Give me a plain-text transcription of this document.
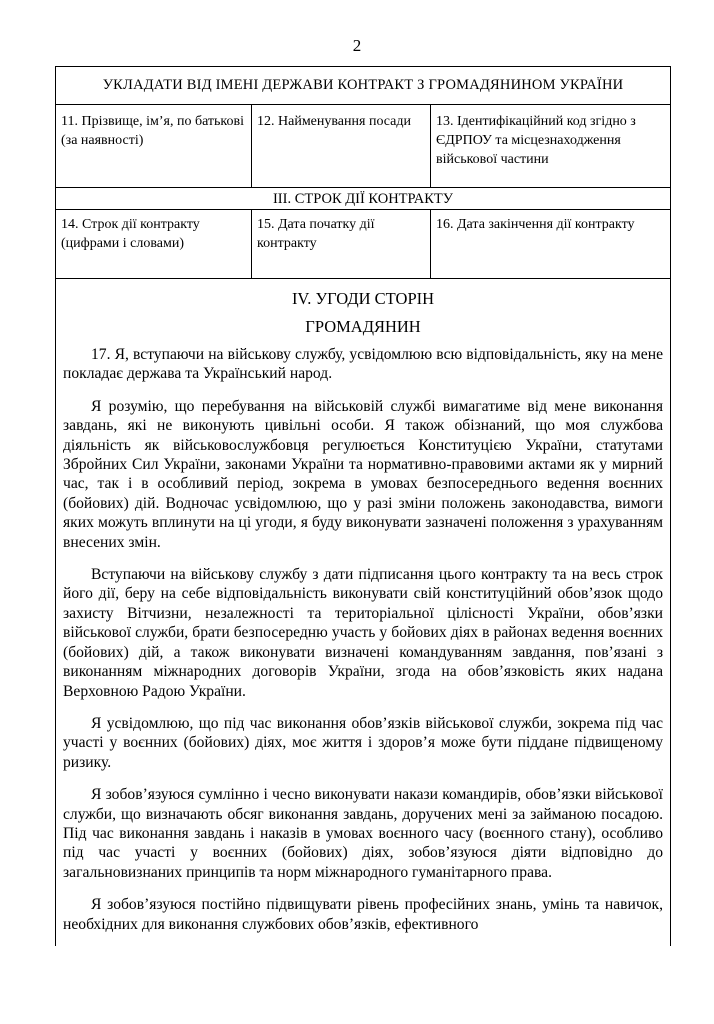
2
УКЛАДАТИ ВІД ІМЕНІ ДЕРЖАВИ КОНТРАКТ З ГРОМАДЯНИНОМ УКРАЇНИ
11. Прізвище, ім’я, по батькові (за наявності)
12. Найменування посади	13. Ідентифікаційний код згідно з ЄДРПОУ та місцезнаходження військової частини
III. СТРОК ДІЇ КОНТРАКТУ
14. Строк дії контракту (цифрами і словами)
15. Дата початку дії контракту
16. Дата закінчення дії контракту
IV. УГОДИ СТОРІН
ГРОМАДЯНИН

17. Я, вступаючи на військову службу, усвідомлюю всю відповідальність, яку на мене покладає держава та Український народ.

Я розумію, що перебування на військовій службі вимагатиме від мене виконання завдань, які не виконують цивільні особи. Я також обізнаний, що моя службова діяльність як військовослужбовця регулюється Конституцією України, статутами Збройних Сил України, законами України та нормативно-правовими актами як у мирний час, так і в особливий період, зокрема в умовах безпосереднього ведення воєнних (бойових) дій. Водночас усвідомлюю, що у разі зміни положень законодавства, вимоги яких можуть вплинути на ці угоди, я буду виконувати зазначені положення з урахуванням внесених змін.

Вступаючи на військову службу з дати підписання цього контракту та на весь строк його дії, беру на себе відповідальність виконувати свій конституційний обов’язок щодо захисту Вітчизни, незалежності та територіальної цілісності України, обов’язки військової служби, брати безпосередню участь у бойових діях в районах ведення воєнних (бойових) дій, а також виконувати визначені командуванням завдання, пов’язані з виконанням міжнародних договорів України, згода на обов’язковість яких надана Верховною Радою України.

Я усвідомлюю, що під час виконання обов’язків військової служби, зокрема під час участі у воєнних (бойових) діях, моє життя і здоров’я може бути піддане підвищеному ризику.

Я зобов’язуюся сумлінно і чесно виконувати накази командирів, обов’язки військової служби, що визначають обсяг виконання завдань, доручених мені за займаною посадою. Під час виконання завдань і наказів в умовах воєнного часу (воєнного стану), особливо під час участі у воєнних (бойових) діях, зобов’язуюся діяти відповідно до загальновизнаних принципів та норм міжнародного гуманітарного права.

Я зобов’язуюся постійно підвищувати рівень професійних знань, умінь та навичок, необхідних для виконання службових обов’язків, ефективного
